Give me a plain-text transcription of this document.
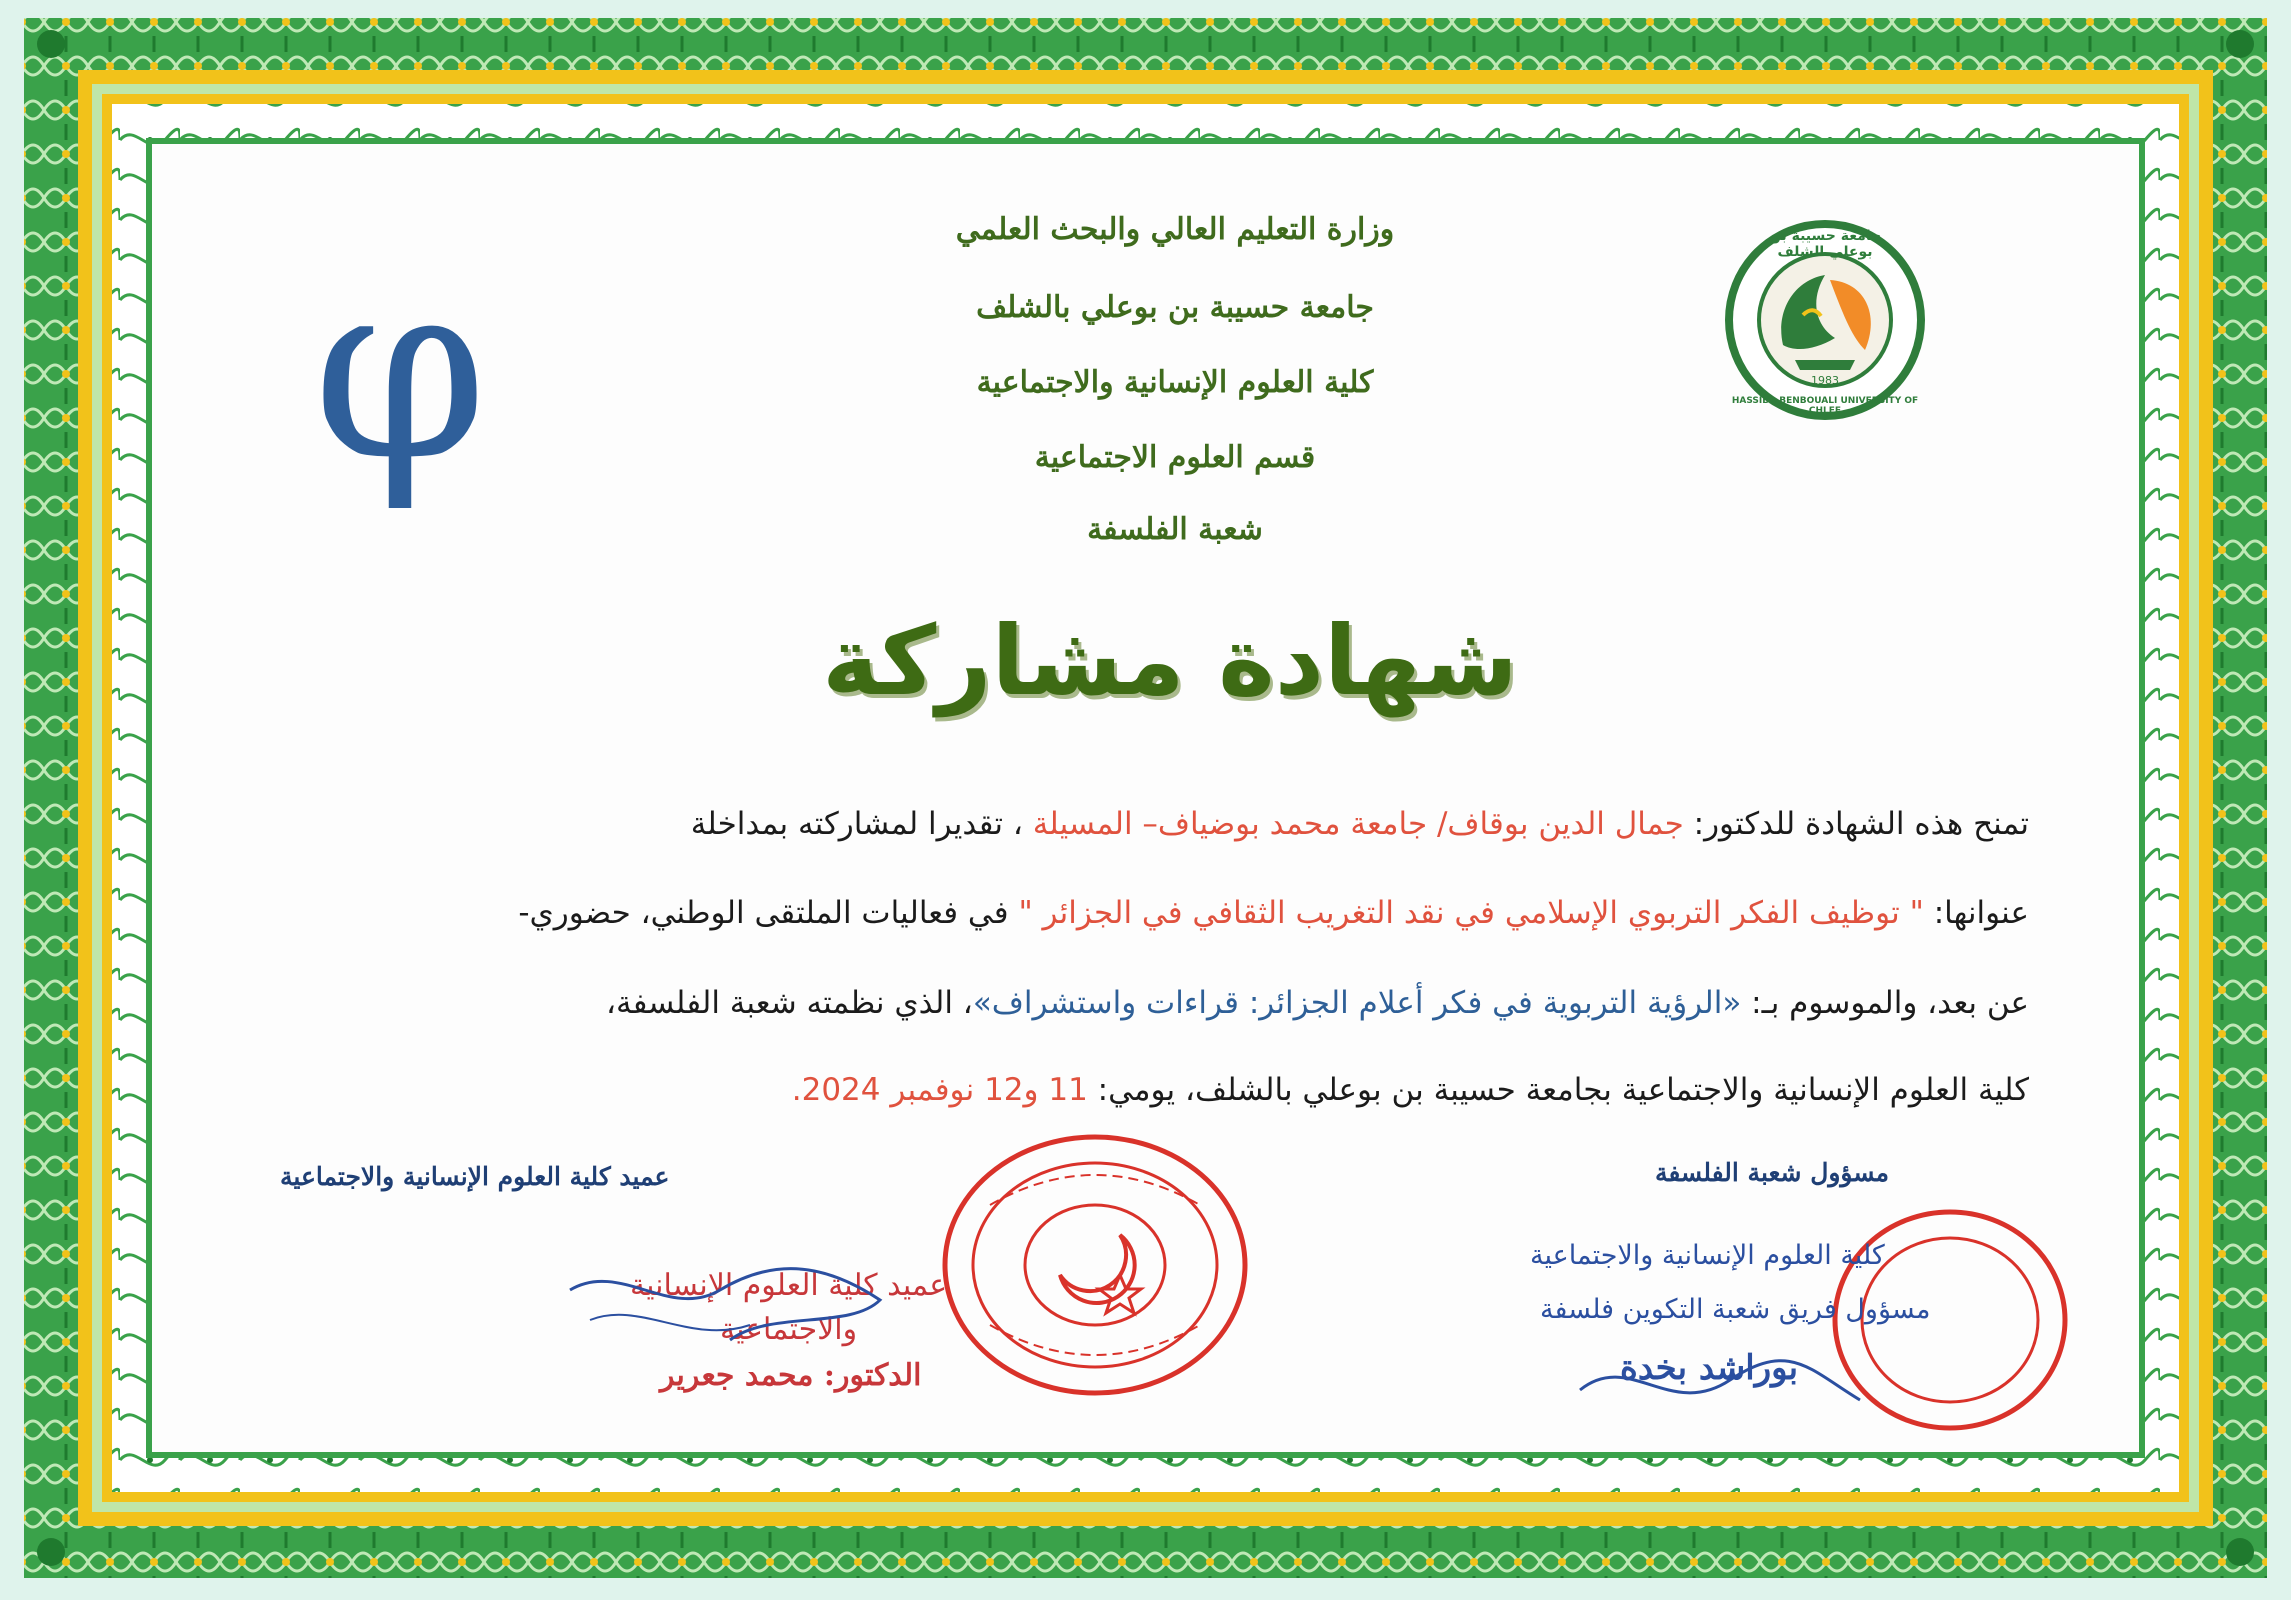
φ	جامعة حسيبة بن بوعلي الشلف
1983
HASSIBA BENBOUALI UNIVERSITY OF CHLEF
وزارة التعليم العالي والبحث العلمي
جامعة حسيبة بن بوعلي بالشلف
كلية العلوم الإنسانية والاجتماعية
قسم العلوم الاجتماعية
شعبة الفلسفة
شهادة مشاركة
تمنح هذه الشهادة للدكتور: جمال الدين بوقاف/ جامعة محمد بوضياف– المسيلة ، تقديرا لمشاركته بمداخلة
عنوانها: " توظيف الفكر التربوي الإسلامي في نقد التغريب الثقافي في الجزائر " في فعاليات الملتقى الوطني، حضوري-
عن بعد، والموسوم بـ: «الرؤية التربوية في فكر أعلام الجزائر: قراءات واستشراف»، الذي نظمته شعبة الفلسفة،
كلية العلوم الإنسانية والاجتماعية بجامعة حسيبة بن بوعلي بالشلف، يومي: 11 و12 نوفمبر 2024.
عميد كلية العلوم الإنسانية والاجتماعية	مسؤول شعبة الفلسفة
عميد كلية العلوم الإنسانية
والاجتماعية
الدكتور: محمد جعرير
كلية العلوم الإنسانية والاجتماعية
مسؤول فريق شعبة التكوين فلسفة
بوراشد بخدة
